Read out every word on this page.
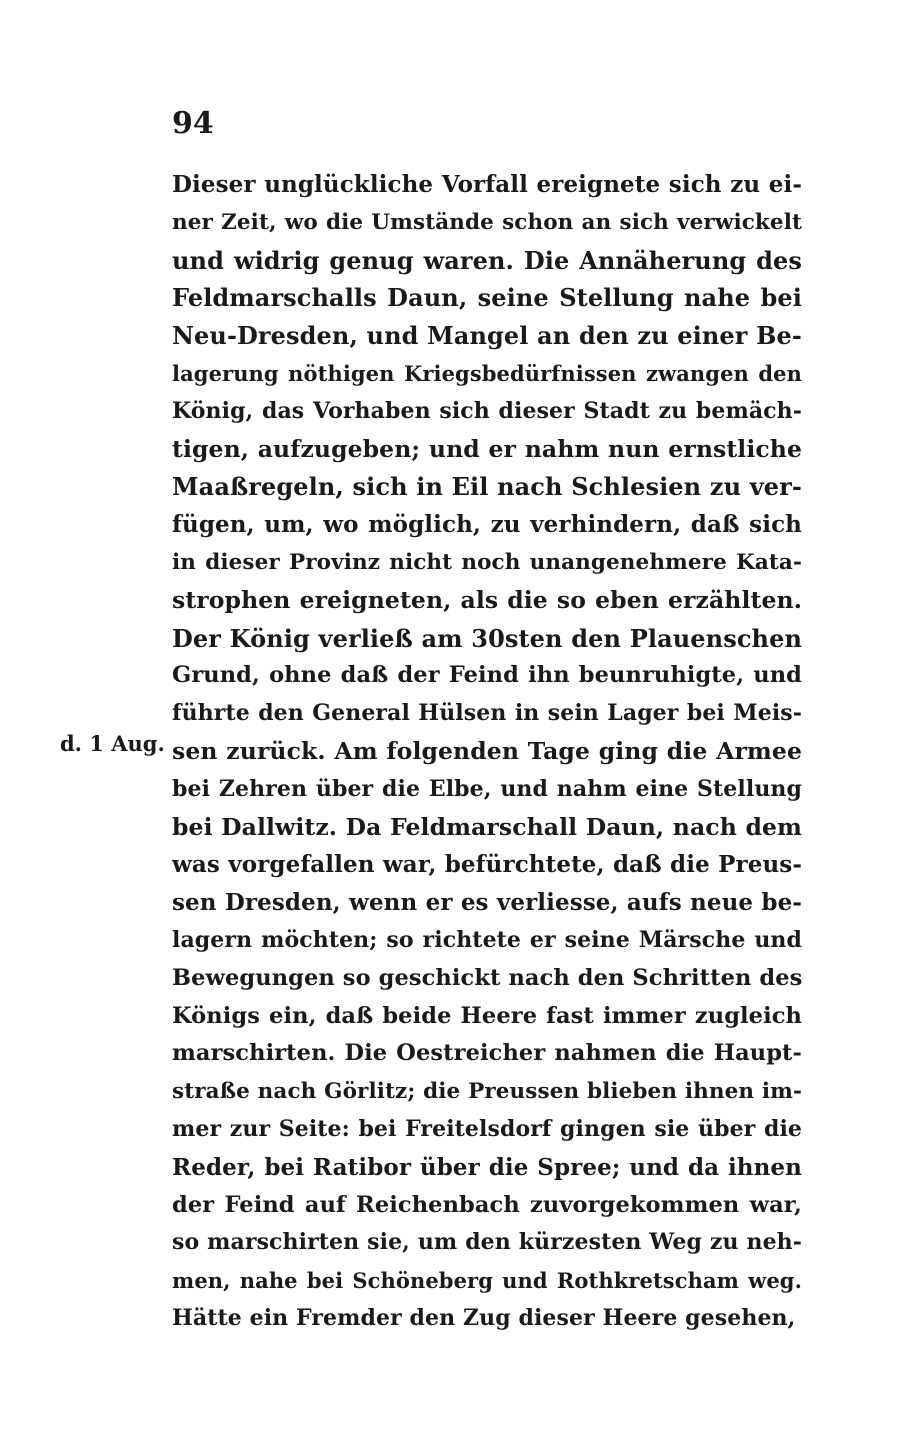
94
d. 1 Aug.
Dieser unglückliche Vorfall ereignete sich zu ei-
ner Zeit, wo die Umstände schon an sich verwickelt
und widrig genug waren. Die Annäherung des
Feldmarschalls Daun, seine Stellung nahe bei
Neu-Dresden, und Mangel an den zu einer Be-
lagerung nöthigen Kriegsbedürfnissen zwangen den
König, das Vorhaben sich dieser Stadt zu bemäch-
tigen, aufzugeben; und er nahm nun ernstliche
Maaßregeln, sich in Eil nach Schlesien zu ver-
fügen, um, wo möglich, zu verhindern, daß sich
in dieser Provinz nicht noch unangenehmere Kata-
strophen ereigneten, als die so eben erzählten.
Der König verließ am 30sten den Plauenschen
Grund, ohne daß der Feind ihn beunruhigte, und
führte den General Hülsen in sein Lager bei Meis-
sen zurück. Am folgenden Tage ging die Armee
bei Zehren über die Elbe, und nahm eine Stellung
bei Dallwitz. Da Feldmarschall Daun, nach dem
was vorgefallen war, befürchtete, daß die Preus-
sen Dresden, wenn er es verliesse, aufs neue be-
lagern möchten; so richtete er seine Märsche und
Bewegungen so geschickt nach den Schritten des
Königs ein, daß beide Heere fast immer zugleich
marschirten. Die Oestreicher nahmen die Haupt-
straße nach Görlitz; die Preussen blieben ihnen im-
mer zur Seite: bei Freitelsdorf gingen sie über die
Reder, bei Ratibor über die Spree; und da ihnen
der Feind auf Reichenbach zuvorgekommen war,
so marschirten sie, um den kürzesten Weg zu neh-
men, nahe bei Schöneberg und Rothkretscham weg.
Hätte ein Fremder den Zug dieser Heere gesehen,
